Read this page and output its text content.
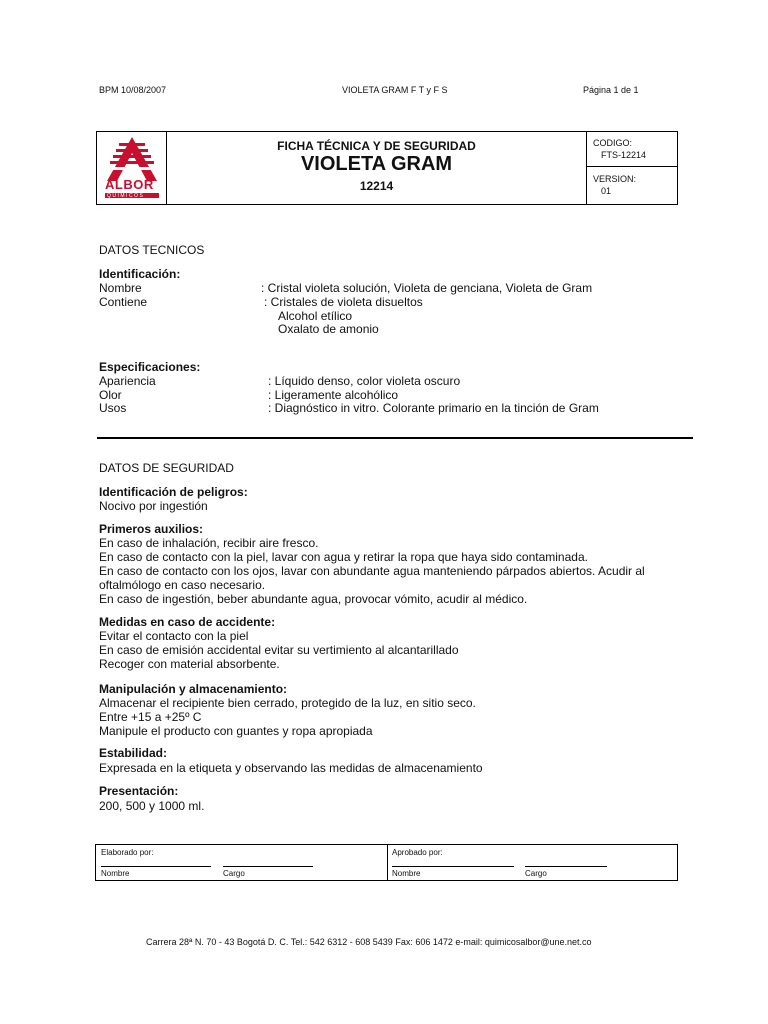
BPM 10/08/2007	VIOLETA GRAM F T y F S	Página 1 de 1
ALBOR
QUIMICOS
FICHA TÉCNICA Y DE SEGURIDAD
VIOLETA GRAM
12214
CODIGO:
FTS-12214
VERSION:
01
DATOS TECNICOS
Identificación:
Nombre	: Cristal violeta solución, Violeta de genciana, Violeta de Gram
Contiene	: Cristales de violeta disueltos
Alcohol etílico
Oxalato de amonio
Especificaciones:
Apariencia	: Líquido denso, color violeta oscuro
Olor	: Ligeramente alcohólico
Usos	: Diagnóstico in vitro. Colorante primario en la tinción de Gram
DATOS DE SEGURIDAD
Identificación de peligros:
Nocivo por ingestión
Primeros auxilios:
En caso de inhalación, recibir aire fresco.
En caso de contacto con la piel, lavar con agua y retirar la ropa que haya sido contaminada.
En caso de contacto con los ojos, lavar con abundante agua manteniendo párpados abiertos. Acudir al
oftalmólogo en caso necesario.
En caso de ingestión, beber abundante agua, provocar vómito, acudir al médico.
Medidas en caso de accidente:
Evitar el contacto con la piel
En caso de emisión accidental evitar su vertimiento al alcantarillado
Recoger con material absorbente.
Manipulación y almacenamiento:
Almacenar el recipiente bien cerrado, protegido de la luz, en sitio seco.
Entre +15 a +25º C
Manipule el producto con guantes y ropa apropiada
Estabilidad:
Expresada en la etiqueta y observando las medidas de almacenamiento
Presentación:
200, 500 y 1000 ml.
Elaborado por:
Nombre	Cargo
Aprobado por:
Nombre	Cargo
Carrera 28ª N. 70 - 43 Bogotá D. C. Tel.: 542 6312 - 608 5439 Fax: 606 1472 e-mail: quimicosalbor@une.net.co
